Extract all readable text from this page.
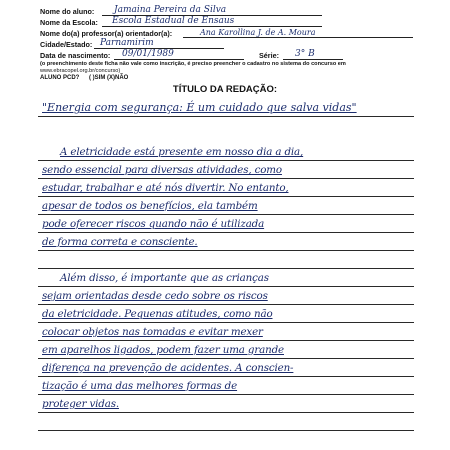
Nome do aluno: Jamaina Pereira da Silva
Nome da Escola: Escola Estadual de Ensaus
Nome do(a) professor(a) orientador(a):	Ana Karollina J. de A. Moura
Cidade/Estado: Parnamirim
Data de nascimento: 09/01/1989	Série: 3° B
(o preenchimento deste ficha não vale como inscrição, é preciso preencher o cadastro no sistema do concurso em
www.ebracopel.org.br/concurso)
ALUNO PCD? ( )SIM (X)NÃO
TÍTULO DA REDAÇÃO:
"Energia com segurança: É um cuidado que salva vidas"
A eletricidade está presente em nosso dia a dia,
sendo essencial para diversas atividades, como
estudar, trabalhar e até nós divertir. No entanto,
apesar de todos os benefícios, ela também
pode oferecer riscos quando não é utilizada
de forma correta e consciente.
Além disso, é importante que as crianças
sejam orientadas desde cedo sobre os riscos
da eletricidade. Pequenas atitudes, como não
colocar objetos nas tomadas e evitar mexer
em aparelhos ligados, podem fazer uma grande
diferença na prevenção de acidentes. A conscien-
tização é uma das melhores formas de
proteger vidas.
